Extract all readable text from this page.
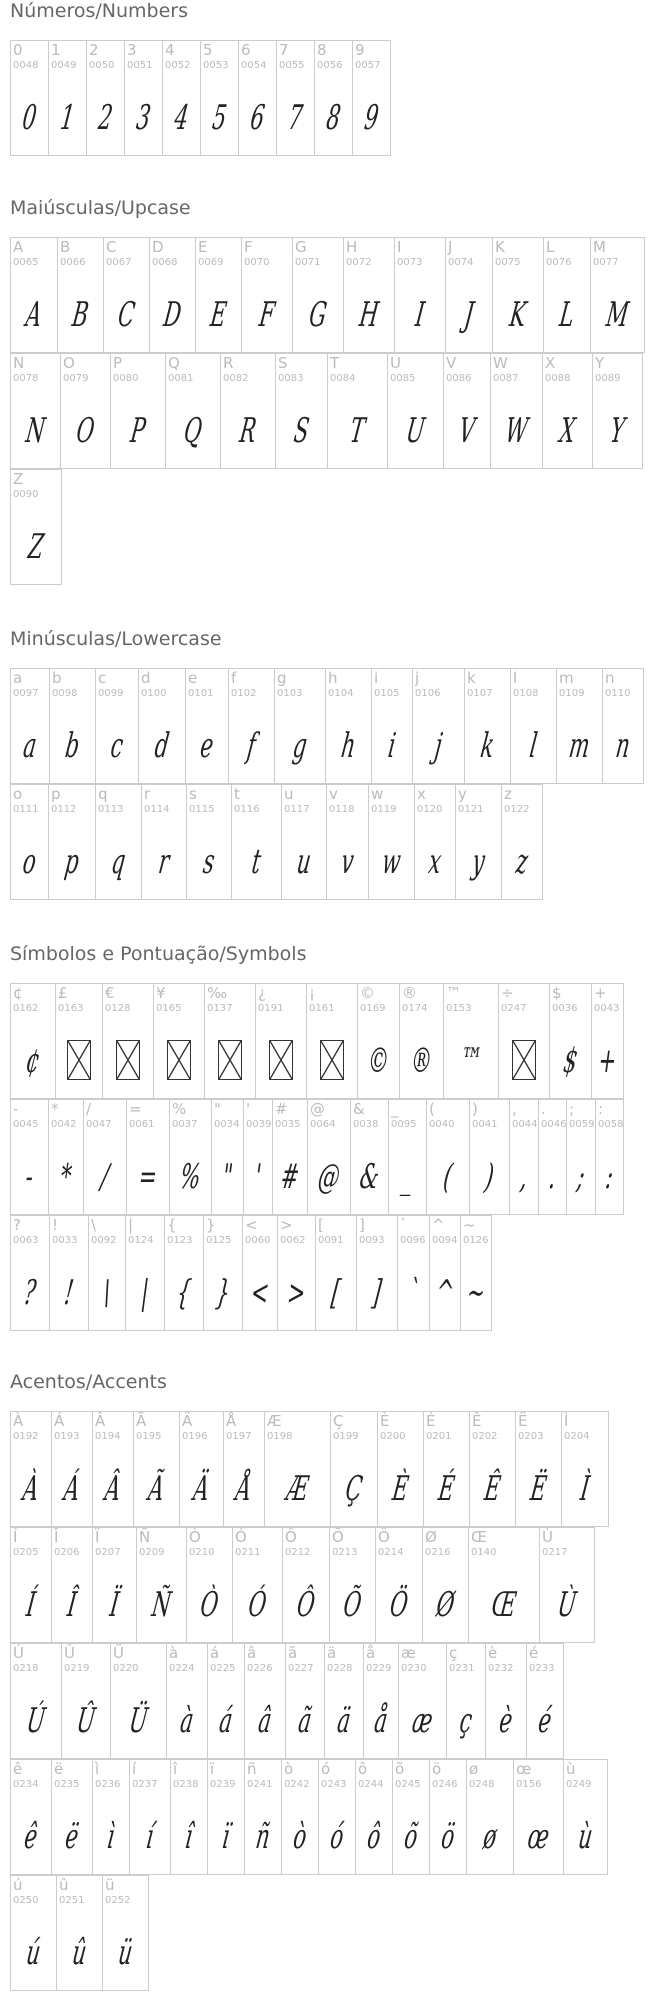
Números/Numbers
0
0048
0
1
0049
1
2
0050
2
3
0051
3
4
0052
4
5
0053
5
6
0054
6
7
0055
7
8
0056
8
9
0057
9
Maiúsculas/Upcase
A
0065
A
B
0066
B
C
0067
C
D
0068
D
E
0069
E
F
0070
F
G
0071
G
H
0072
H
I
0073
I
J
0074
J
K
0075
K
L
0076
L
M
0077
M
N
0078
N
O
0079
O
P
0080
P
Q
0081
Q
R
0082
R
S
0083
S
T
0084
T
U
0085
U
V
0086
V
W
0087
W
X
0088
X
Y
0089
Y
Z
0090
Z
Minúsculas/Lowercase
a
0097
a
b
0098
b
c
0099
c
d
0100
d
e
0101
e
f
0102
f
g
0103
g
h
0104
h
i
0105
i
j
0106
j
k
0107
k
l
0108
l
m
0109
m
n
0110
n
o
0111
o
p
0112
p
q
0113
q
r
0114
r
s
0115
s
t
0116
t
u
0117
u
v
0118
v
w
0119
w
x
0120
x
y
0121
y
z
0122
z
Símbolos e Pontuação/Symbols
¢
0162
¢
£
0163
€
0128
¥
0165
‰
0137
¿
0191
¡
0161
©
0169
©
®
0174
®
™
0153
™
÷
0247
$
0036
$
+
0043
+
-
0045
-
*
0042
*
/
0047
/
=
0061
=
%
0037
%
"
0034
"
'
0039
'
#
0035
#
@
0064
@
&
0038
&
_
0095
_
(
0040
(
)
0041
)
,
0044
,
.
0046
.
;
0059
;
:
0058
:
?
0063
?
!
0033
!
\
0092
\
|
0124
|
{
0123
{
}
0125
}
<
0060
<
>
0062
>
[
0091
[
]
0093
]
`
0096
`
^
0094
^
~
0126
~
Acentos/Accents
À
0192
À
Á
0193
Á
Â
0194
Â
Ã
0195
Ã
Ä
0196
Ä
Å
0197
Å
Æ
0198
Æ
Ç
0199
Ç
È
0200
È
É
0201
É
Ê
0202
Ê
Ë
0203
Ë
Ì
0204
Ì
Í
0205
Í
Î
0206
Î
Ï
0207
Ï
Ñ
0209
Ñ
Ò
0210
Ò
Ó
0211
Ó
Ô
0212
Ô
Õ
0213
Õ
Ö
0214
Ö
Ø
0216
Ø
Œ
0140
Œ
Ù
0217
Ù
Ú
0218
Ú
Û
0219
Û
Ü
0220
Ü
à
0224
à
á
0225
á
â
0226
â
ã
0227
ã
ä
0228
ä
å
0229
å
æ
0230
æ
ç
0231
ç
è
0232
è
é
0233
é
ê
0234
ê
ë
0235
ë
ì
0236
ì
í
0237
í
î
0238
î
ï
0239
ï
ñ
0241
ñ
ò
0242
ò
ó
0243
ó
ô
0244
ô
õ
0245
õ
ö
0246
ö
ø
0248
ø
œ
0156
œ
ù
0249
ù
ú
0250
ú
û
0251
û
ü
0252
ü
